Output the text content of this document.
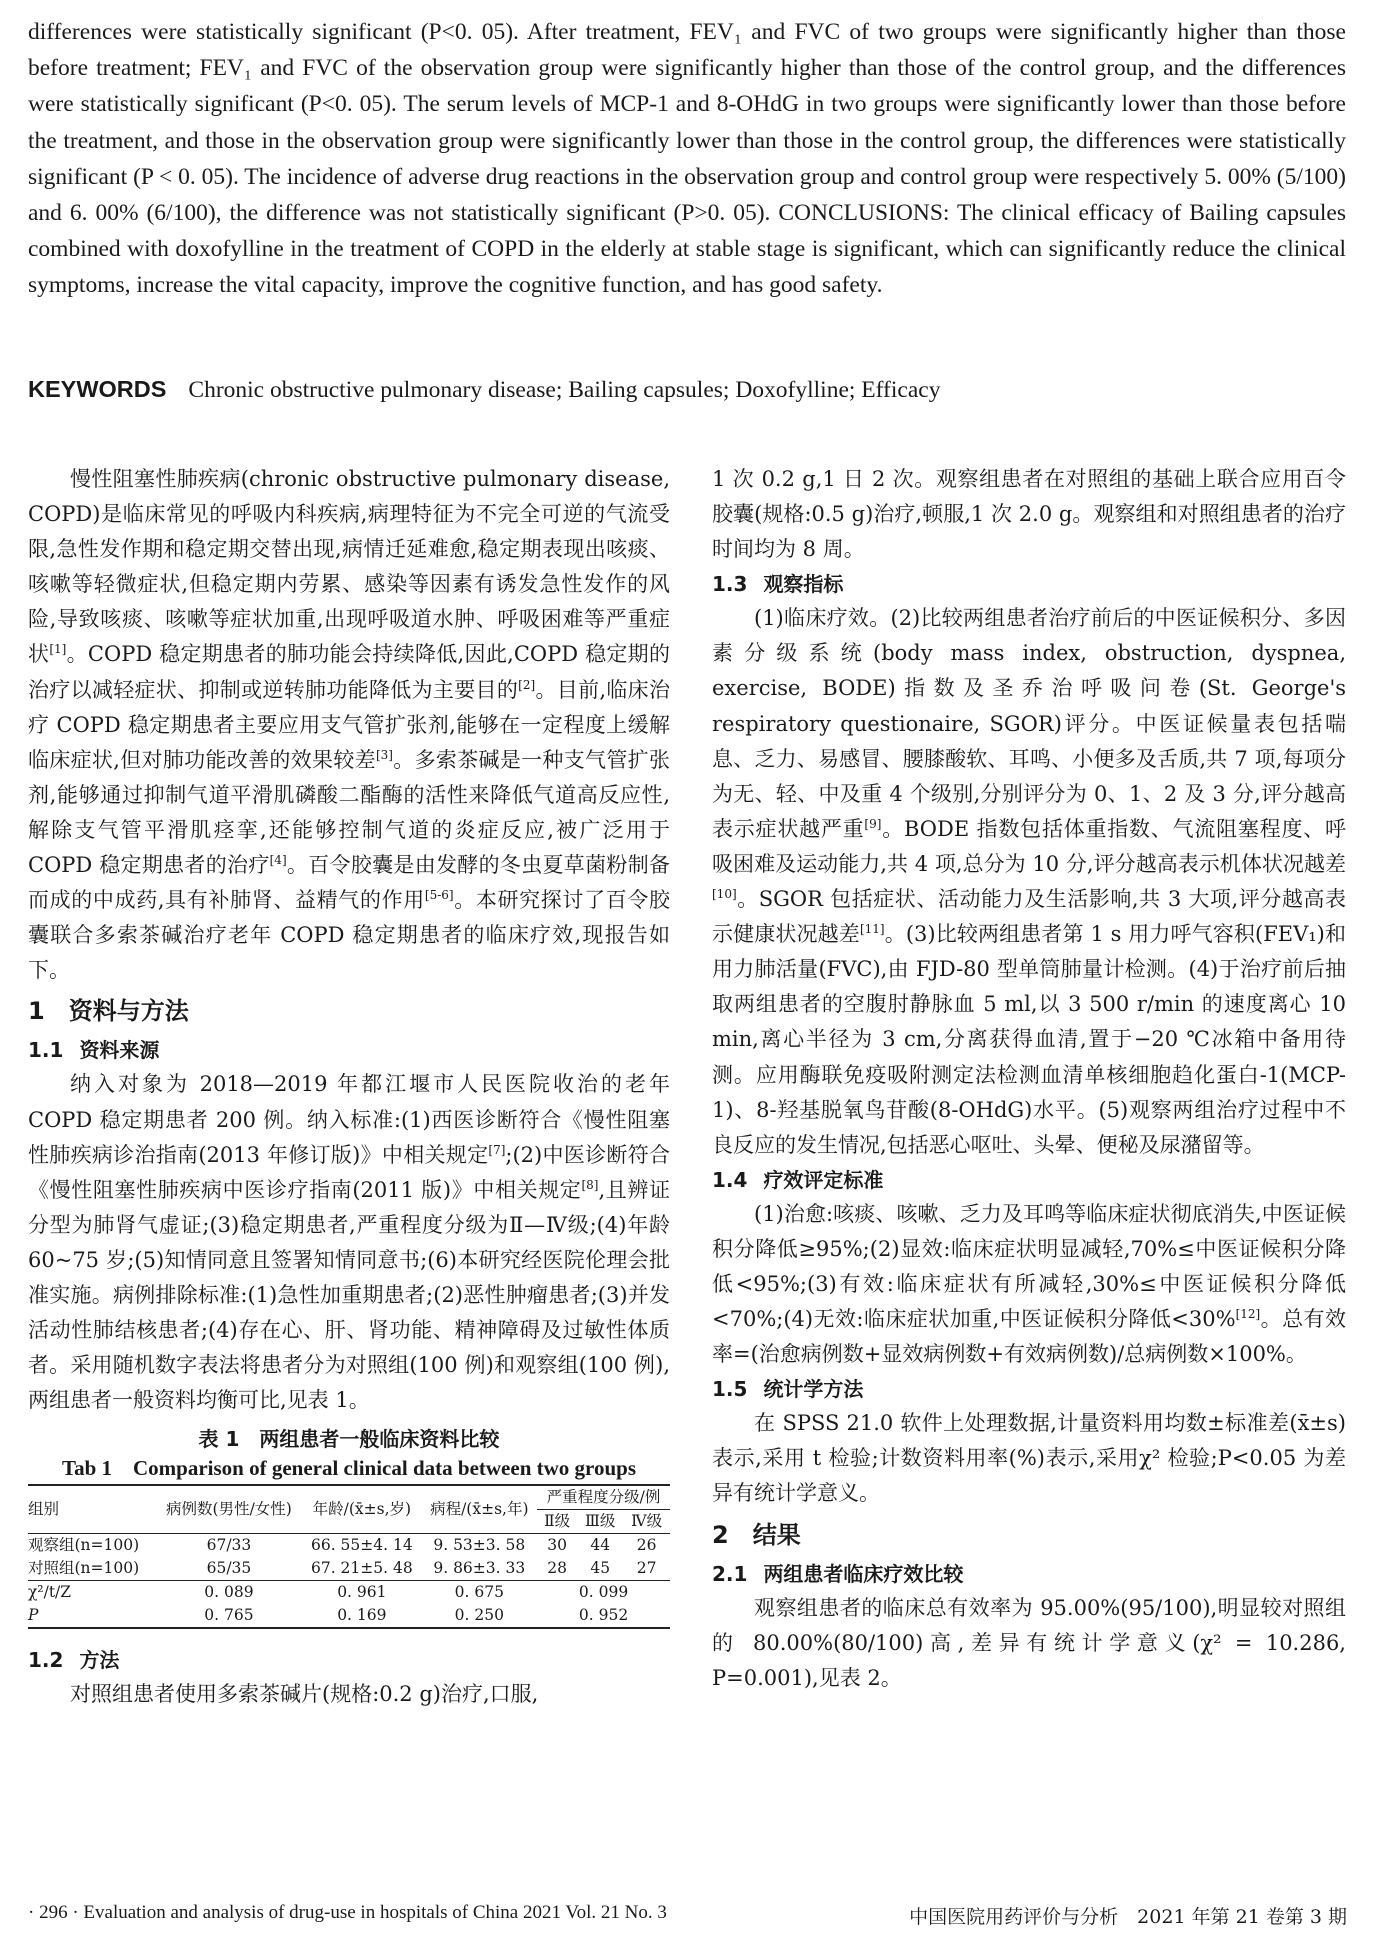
differences were statistically significant (P<0. 05). After treatment, FEV₁ and FVC of two groups were significantly higher than those before treatment; FEV₁ and FVC of the observation group were significantly higher than those of the control group, and the differences were statistically significant (P<0. 05). The serum levels of MCP-1 and 8-OHdG in two groups were significantly lower than those before the treatment, and those in the observation group were significantly lower than those in the control group, the differences were statistically significant (P < 0. 05). The incidence of adverse drug reactions in the observation group and control group were respectively 5. 00% (5/100) and 6. 00% (6/100), the difference was not statistically significant (P>0. 05). CONCLUSIONS: The clinical efficacy of Bailing capsules combined with doxofylline in the treatment of COPD in the elderly at stable stage is significant, which can significantly reduce the clinical symptoms, increase the vital capacity, improve the cognitive function, and has good safety.
KEYWORDS Chronic obstructive pulmonary disease; Bailing capsules; Doxofylline; Efficacy

慢性阻塞性肺疾病(chronic obstructive pulmonary disease, COPD)是临床常见的呼吸内科疾病,病理特征为不完全可逆的气流受限,急性发作期和稳定期交替出现,病情迁延难愈,稳定期表现出咳痰、咳嗽等轻微症状,但稳定期内劳累、感染等因素有诱发急性发作的风险,导致咳痰、咳嗽等症状加重,出现呼吸道水肿、呼吸困难等严重症状[1]。COPD 稳定期患者的肺功能会持续降低,因此,COPD 稳定期的治疗以减轻症状、抑制或逆转肺功能降低为主要目的[2]。目前,临床治疗 COPD 稳定期患者主要应用支气管扩张剂,能够在一定程度上缓解临床症状,但对肺功能改善的效果较差[3]。多索茶碱是一种支气管扩张剂,能够通过抑制气道平滑肌磷酸二酯酶的活性来降低气道高反应性,解除支气管平滑肌痉挛,还能够控制气道的炎症反应,被广泛用于 COPD 稳定期患者的治疗[4]。百令胶囊是由发酵的冬虫夏草菌粉制备而成的中成药,具有补肺肾、益精气的作用[5-6]。本研究探讨了百令胶囊联合多索茶碱治疗老年 COPD 稳定期患者的临床疗效,现报告如下。

1　资料与方法
1.1 资料来源

纳入对象为 2018—2019 年都江堰市人民医院收治的老年 COPD 稳定期患者 200 例。纳入标准:(1)西医诊断符合《慢性阻塞性肺疾病诊治指南(2013 年修订版)》中相关规定[7];(2)中医诊断符合《慢性阻塞性肺疾病中医诊疗指南(2011 版)》中相关规定[8],且辨证分型为肺肾气虚证;(3)稳定期患者,严重程度分级为Ⅱ—Ⅳ级;(4)年龄 60~75 岁;(5)知情同意且签署知情同意书;(6)本研究经医院伦理会批准实施。病例排除标准:(1)急性加重期患者;(2)恶性肿瘤患者;(3)并发活动性肺结核患者;(4)存在心、肝、肾功能、精神障碍及过敏性体质者。采用随机数字表法将患者分为对照组(100 例)和观察组(100 例),两组患者一般资料均衡可比,见表 1。

表 1　两组患者一般临床资料比较
Tab 1　Comparison of general clinical data between two groups
组别	病例数(男性/女性)	年龄/(x̄±s,岁)	病程/(x̄±s,年)	严重程度分级/例		
				Ⅱ级	Ⅲ级	Ⅳ级
观察组(n=100)	67/33	66. 55±4. 14	9. 53±3. 58	30	44	26
对照组(n=100)	65/35	67. 21±5. 48	9. 86±3. 33	28	45	27
χ²/t/Z	0. 089	0. 961	0. 675	0. 099		
P	0. 765	0. 169	0. 250	0. 952		
1.2 方法

对照组患者使用多索茶碱片(规格:0.2 g)治疗,口服,

1 次 0.2 g,1 日 2 次。观察组患者在对照组的基础上联合应用百令胶囊(规格:0.5 g)治疗,顿服,1 次 2.0 g。观察组和对照组患者的治疗时间均为 8 周。

1.3 观察指标

(1)临床疗效。(2)比较两组患者治疗前后的中医证候积分、多因素分级系统(body mass index, obstruction, dyspnea, exercise, BODE)指数及圣乔治呼吸问卷(St. George's respiratory questionaire, SGOR)评分。中医证候量表包括喘息、乏力、易感冒、腰膝酸软、耳鸣、小便多及舌质,共 7 项,每项分为无、轻、中及重 4 个级别,分别评分为 0、1、2 及 3 分,评分越高表示症状越严重[9]。BODE 指数包括体重指数、气流阻塞程度、呼吸困难及运动能力,共 4 项,总分为 10 分,评分越高表示机体状况越差[10]。SGOR 包括症状、活动能力及生活影响,共 3 大项,评分越高表示健康状况越差[11]。(3)比较两组患者第 1 s 用力呼气容积(FEV₁)和用力肺活量(FVC),由 FJD-80 型单筒肺量计检测。(4)于治疗前后抽取两组患者的空腹肘静脉血 5 ml,以 3 500 r/min 的速度离心 10 min,离心半径为 3 cm,分离获得血清,置于−20 ℃冰箱中备用待测。应用酶联免疫吸附测定法检测血清单核细胞趋化蛋白-1(MCP-1)、8-羟基脱氧鸟苷酸(8-OHdG)水平。(5)观察两组治疗过程中不良反应的发生情况,包括恶心呕吐、头晕、便秘及尿潴留等。

1.4 疗效评定标准

(1)治愈:咳痰、咳嗽、乏力及耳鸣等临床症状彻底消失,中医证候积分降低≥95%;(2)显效:临床症状明显减轻,70%≤中医证候积分降低<95%;(3)有效:临床症状有所减轻,30%≤中医证候积分降低<70%;(4)无效:临床症状加重,中医证候积分降低<30%[12]。总有效率=(治愈病例数+显效病例数+有效病例数)/总病例数×100%。

1.5 统计学方法

在 SPSS 21.0 软件上处理数据,计量资料用均数±标准差(x̄±s)表示,采用 t 检验;计数资料用率(%)表示,采用χ² 检验;P<0.05 为差异有统计学意义。

2　结果
2.1 两组患者临床疗效比较

观察组患者的临床总有效率为 95.00%(95/100),明显较对照组的 80.00%(80/100)高,差异有统计学意义(χ² = 10.286, P=0.001),见表 2。

· 296 · Evaluation and analysis of drug-use in hospitals of China 2021 Vol. 21 No. 3	中国医院用药评价与分析　2021 年第 21 卷第 3 期
